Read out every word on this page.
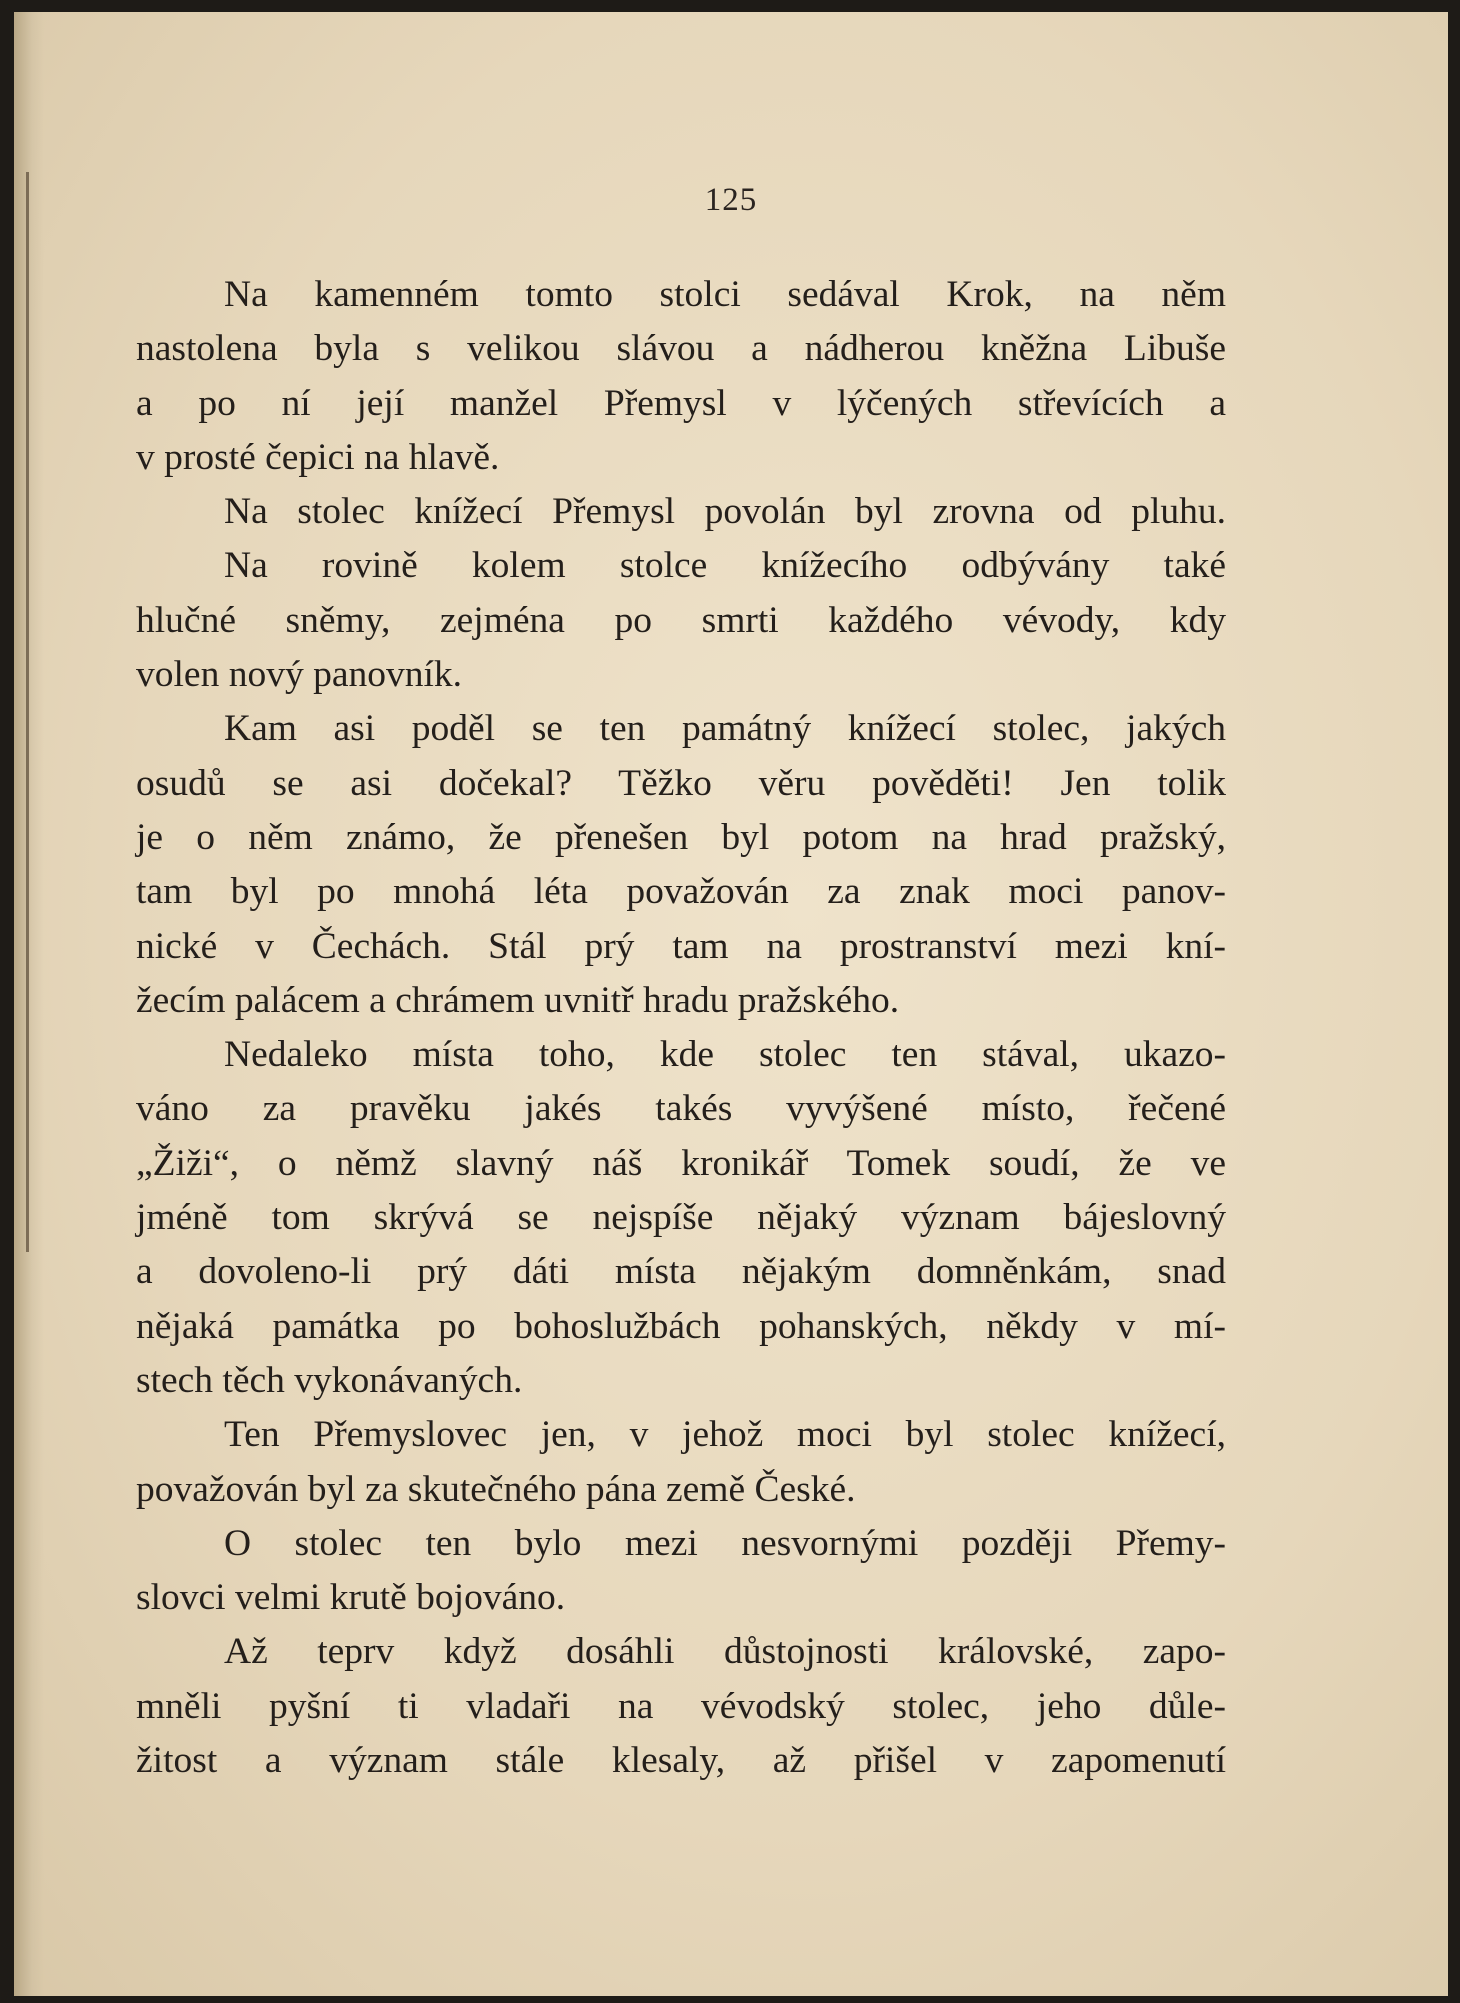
125
Na kamenném tomto stolci sedával Krok, na něm
nastolena byla s velikou slávou a nádherou kněžna Libuše
a po ní její manžel Přemysl v lýčených střevících a
v prosté čepici na hlavě.
Na stolec knížecí Přemysl povolán byl zrovna od pluhu.
Na rovině kolem stolce knížecího odbývány také
hlučné sněmy, zejména po smrti každého vévody, kdy
volen nový panovník.
Kam asi poděl se ten památný knížecí stolec, jakých
osudů se asi dočekal? Těžko věru pověděti! Jen tolik
je o něm známo, že přenešen byl potom na hrad pražský,
tam byl po mnohá léta považován za znak moci panov-
nické v Čechách. Stál prý tam na prostranství mezi kní-
žecím palácem a chrámem uvnitř hradu pražského.
Nedaleko místa toho, kde stolec ten stával, ukazo-
váno za pravěku jakés takés vyvýšené místo, řečené
„Žiži“, o němž slavný náš kronikář Tomek soudí, že ve
jméně tom skrývá se nejspíše nějaký význam bájeslovný
a dovoleno-li prý dáti místa nějakým domněnkám, snad
nějaká památka po bohoslužbách pohanských, někdy v mí-
stech těch vykonávaných.
Ten Přemyslovec jen, v jehož moci byl stolec knížecí,
považován byl za skutečného pána země České.
O stolec ten bylo mezi nesvornými později Přemy-
slovci velmi krutě bojováno.
Až teprv když dosáhli důstojnosti královské, zapo-
mněli pyšní ti vladaři na vévodský stolec, jeho důle-
žitost a význam stále klesaly, až přišel v zapomenutí
